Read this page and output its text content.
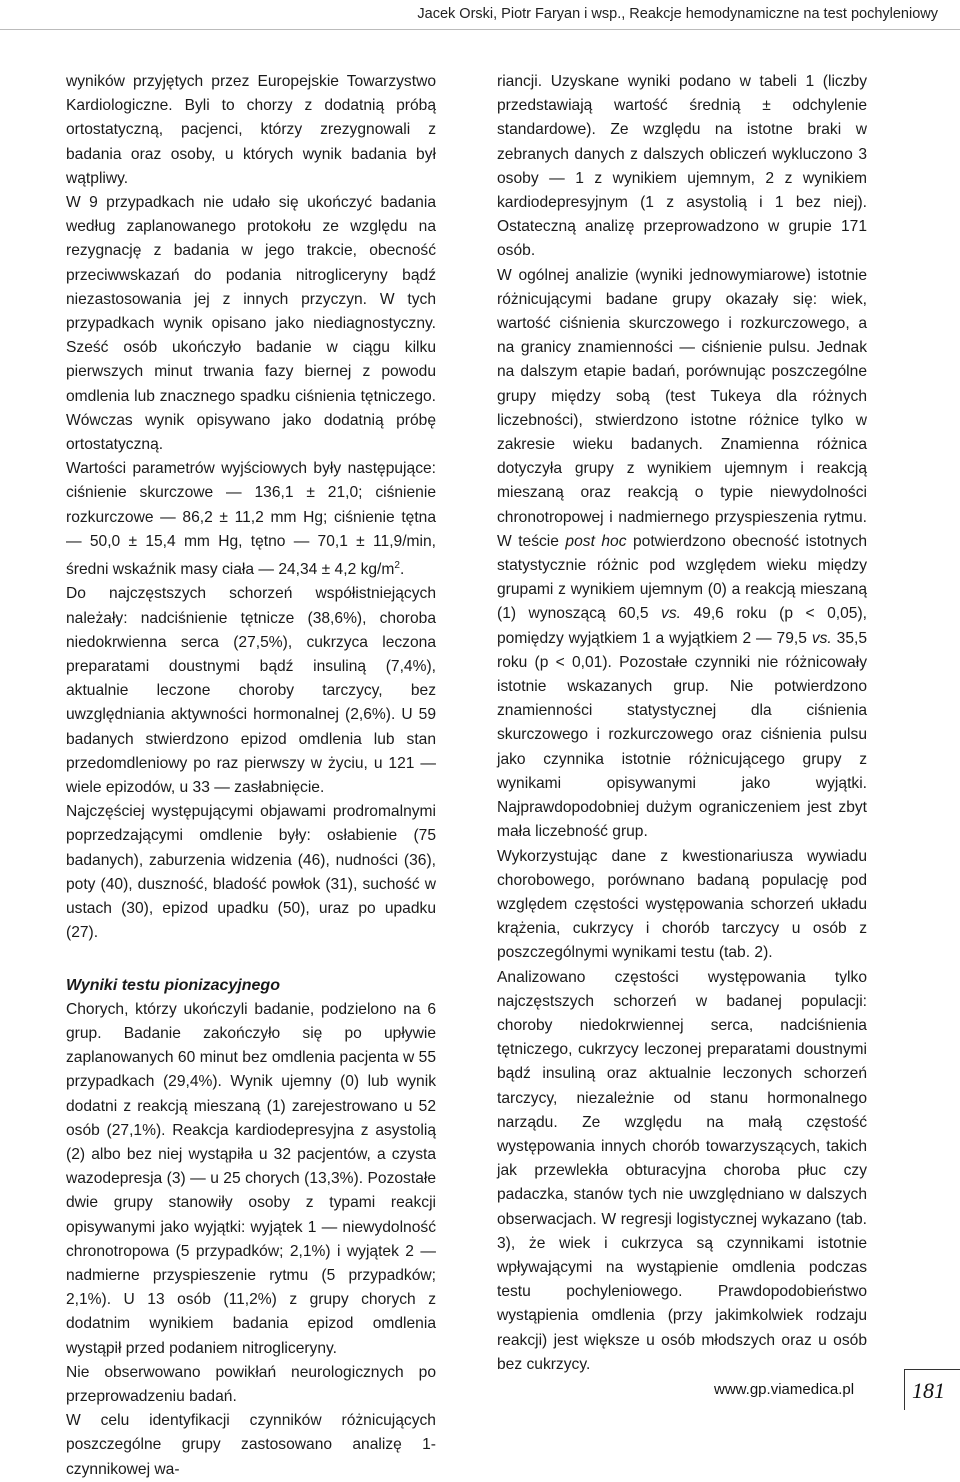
Jacek Orski, Piotr Faryan i wsp., Reakcje hemodynamiczne na test pochyleniowy

wyników przyjętych przez Europejskie Towarzystwo Kardiologiczne. Byli to chorzy z dodatnią próbą ortostatyczną, pacjenci, którzy zrezygnowali z badania oraz osoby, u których wynik badania był wątpliwy.

W 9 przypadkach nie udało się ukończyć badania według zaplanowanego protokołu ze względu na rezygnację z badania w jego trakcie, obecność przeciwwskazań do podania nitrogliceryny bądź niezastosowania jej z innych przyczyn. W tych przypadkach wynik opisano jako niediagnostyczny. Sześć osób ukończyło badanie w ciągu kilku pierwszych minut trwania fazy biernej z powodu omdlenia lub znacznego spadku ciśnienia tętniczego. Wówczas wynik opisywano jako dodatnią próbę ortostatyczną.

Wartości parametrów wyjściowych były następujące: ciśnienie skurczowe — 136,1 ± 21,0; ciśnienie rozkurczowe — 86,2 ± 11,2 mm Hg; ciśnienie tętna — 50,0 ± 15,4 mm Hg, tętno — 70,1 ± 11,9/min, średni wskaźnik masy ciała — 24,34 ± 4,2 $kg/m^2$.

Do najczęstszych schorzeń współistniejących należały: nadciśnienie tętnicze (38,6%), choroba niedokrwienna serca (27,5%), cukrzyca leczona preparatami doustnymi bądź insuliną (7,4%), aktualnie leczone choroby tarczycy, bez uwzględniania aktywności hormonalnej (2,6%). U 59 badanych stwierdzono epizod omdlenia lub stan przedomdleniowy po raz pierwszy w życiu, u 121 — wiele epizodów, u 33 — zasłabnięcie.

Najczęściej występującymi objawami prodromalnymi poprzedzającymi omdlenie były: osłabienie (75 badanych), zaburzenia widzenia (46), nudności (36), poty (40), duszność, bladość powłok (31), suchość w ustach (30), epizod upadku (50), uraz po upadku (27).

Wyniki testu pionizacyjnego

Chorych, którzy ukończyli badanie, podzielono na 6 grup. Badanie zakończyło się po upływie zaplanowanych 60 minut bez omdlenia pacjenta w 55 przypadkach (29,4%). Wynik ujemny (0) lub wynik dodatni z reakcją mieszaną (1) zarejestrowano u 52 osób (27,1%). Reakcja kardiodepresyjna z asystolią (2) albo bez niej wystąpiła u 32 pacjentów, a czysta wazodepresja (3) — u 25 chorych (13,3%). Pozostałe dwie grupy stanowiły osoby z typami reakcji opisywanymi jako wyjątki: wyjątek 1 — niewydolność chronotropowa (5 przypadków; 2,1%) i wyjątek 2 — nadmierne przyspieszenie rytmu (5 przypadków; 2,1%). U 13 osób (11,2%) z grupy chorych z dodatnim wynikiem badania epizod omdlenia wystąpił przed podaniem nitrogliceryny.

Nie obserwowano powikłań neurologicznych po przeprowadzeniu badań.

W celu identyfikacji czynników różnicujących poszczególne grupy zastosowano analizę 1-czynnikowej wa-

riancji. Uzyskane wyniki podano w tabeli 1 (liczby przedstawiają wartość średnią ± odchylenie standardowe). Ze względu na istotne braki w zebranych danych z dalszych obliczeń wykluczono 3 osoby — 1 z wynikiem ujemnym, 2 z wynikiem kardiodepresyjnym (1 z asystolią i 1 bez niej). Ostateczną analizę przeprowadzono w grupie 171 osób.

W ogólnej analizie (wyniki jednowymiarowe) istotnie różnicującymi badane grupy okazały się: wiek, wartość ciśnienia skurczowego i rozkurczowego, a na granicy znamienności — ciśnienie pulsu. Jednak na dalszym etapie badań, porównując poszczególne grupy między sobą (test Tukeya dla różnych liczebności), stwierdzono istotne różnice tylko w zakresie wieku badanych. Znamienna różnica dotyczyła grupy z wynikiem ujemnym i reakcją mieszaną oraz reakcją o typie niewydolności chronotropowej i nadmiernego przyspieszenia rytmu. W teście post hoc potwierdzono obecność istotnych statystycznie różnic pod względem wieku między grupami z wynikiem ujemnym (0) a reakcją mieszaną (1) wynoszącą 60,5 vs. 49,6 roku (p < 0,05), pomiędzy wyjątkiem 1 a wyjątkiem 2 — 79,5 vs. 35,5 roku (p < 0,01). Pozostałe czynniki nie różnicowały istotnie wskazanych grup. Nie potwierdzono znamienności statystycznej dla ciśnienia skurczowego i rozkurczowego oraz ciśnienia pulsu jako czynnika istotnie różnicującego grupy z wynikami opisywanymi jako wyjątki. Najprawdopodobniej dużym ograniczeniem jest zbyt mała liczebność grup.

Wykorzystując dane z kwestionariusza wywiadu chorobowego, porównano badaną populację pod względem częstości występowania schorzeń układu krążenia, cukrzycy i chorób tarczycy u osób z poszczególnymi wynikami testu (tab. 2).

Analizowano częstości występowania tylko najczęstszych schorzeń w badanej populacji: choroby niedokrwiennej serca, nadciśnienia tętniczego, cukrzycy leczonej preparatami doustnymi bądź insuliną oraz aktualnie leczonych schorzeń tarczycy, niezależnie od stanu hormonalnego narządu. Ze względu na małą częstość występowania innych chorób towarzyszących, takich jak przewlekła obturacyjna choroba płuc czy padaczka, stanów tych nie uwzględniano w dalszych obserwacjach. W regresji logistycznej wykazano (tab. 3), że wiek i cukrzyca są czynnikami istotnie wpływającymi na wystąpienie omdlenia podczas testu pochyleniowego. Prawdopodobieństwo wystąpienia omdlenia (przy jakimkolwiek rodzaju reakcji) jest większe u osób młodszych oraz u osób bez cukrzycy.

www.gp.viamedica.pl	181
